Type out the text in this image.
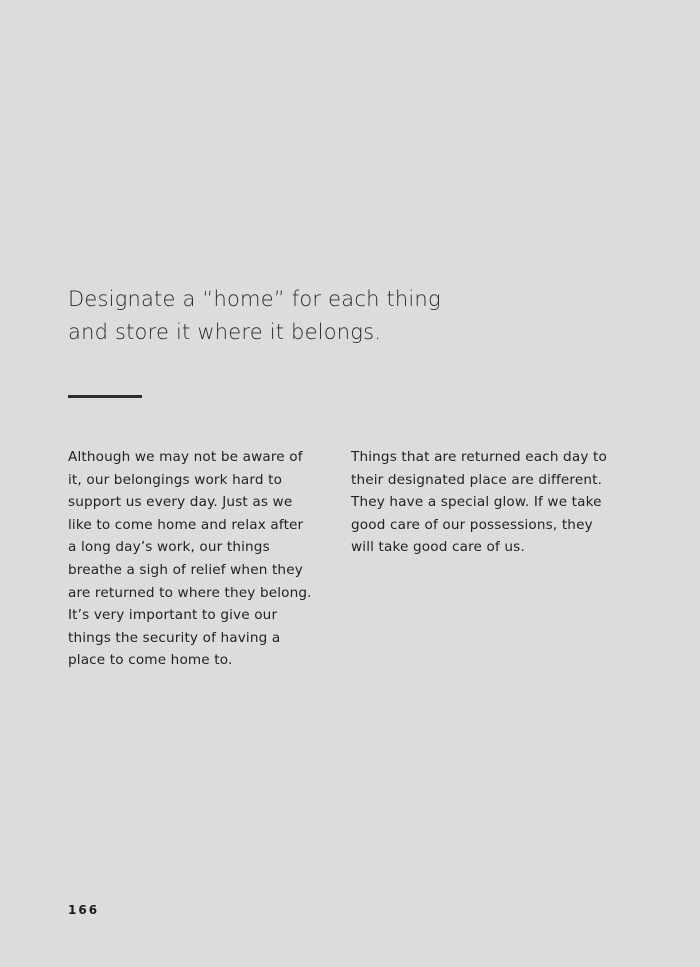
Designate a “home” for each thing
and store it where it belongs.
Although we may not be aware of
it, our belongings work hard to
support us every day. Just as we
like to come home and relax after
a long day’s work, our things
breathe a sigh of relief when they
are returned to where they belong.
It’s very important to give our
things the security of having a
place to come home to.
Things that are returned each day to
their designated place are different.
They have a special glow. If we take
good care of our possessions, they
will take good care of us.
166
